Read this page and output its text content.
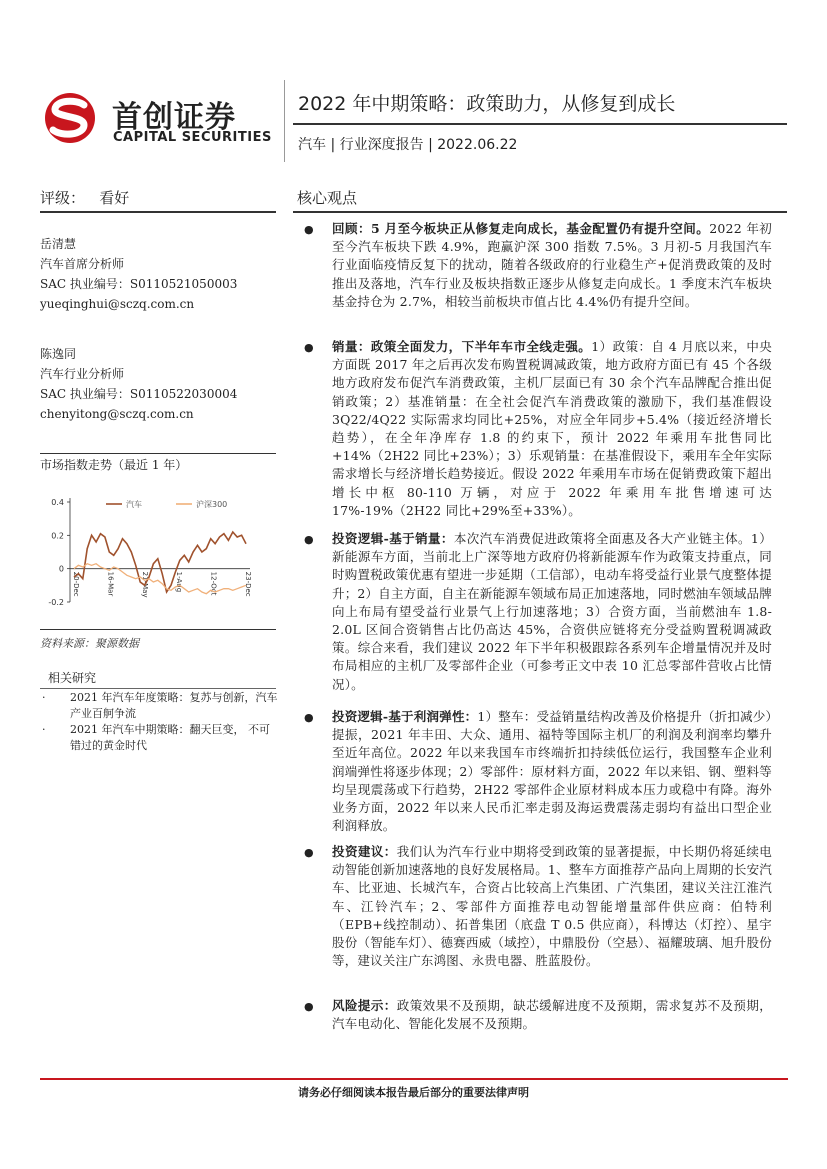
首创证券
CAPITAL SECURITIES
2022 年中期策略：政策助力，从修复到成长
汽车 | 行业深度报告 | 2022.06.22
评级：   看好
岳清慧
汽车首席分析师
SAC 执业编号：S0110521050003
yueqinghui@sczq.com.cn
陈逸同
汽车行业分析师
SAC 执业编号：S0110522030004
chenyitong@sczq.com.cn
市场指数走势（最近 1 年）
0.4
0.2
0
-0.2
20-Dec	16-Mar	21-May	1-Aug	12-Oct	23-Dec
汽车	沪深300
资料来源：聚源数据
相关研究
· 2021 年汽车年度策略：复苏与创新，汽车产业百舸争流
· 2021 年汽车中期策略：翻天巨变， 不可错过的黄金时代
核心观点
● 回顾：5 月至今板块正从修复走向成长，基金配置仍有提升空间。2022 年初至今汽车板块下跌 4.9%，跑赢沪深 300 指数 7.5%。3 月初-5 月我国汽车行业面临疫情反复下的扰动，随着各级政府的行业稳生产+促消费政策的及时推出及落地，汽车行业及板块指数正逐步从修复走向成长。1 季度末汽车板块基金持仓为 2.7%，相较当前板块市值占比 4.4%仍有提升空间。
● 销量：政策全面发力，下半年车市全线走强。1）政策：自 4 月底以来，中央方面既 2017 年之后再次发布购置税调减政策，地方政府方面已有 45 个各级地方政府发布促汽车消费政策，主机厂层面已有 30 余个汽车品牌配合推出促销政策；2）基准销量：在全社会促汽车消费政策的激励下，我们基准假设 3Q22/4Q22 实际需求均同比+25%，对应全年同步+5.4%（接近经济增长趋势），在全年净库存 1.8 的约束下，预计 2022 年乘用车批售同比+14%（2H22 同比+23%）；3）乐观销量：在基准假设下，乘用车全年实际需求增长与经济增长趋势接近。假设 2022 年乘用车市场在促销费政策下超出增长中枢 80-110 万辆，对应于 2022 年乘用车批售增速可达 17%-19%（2H22 同比+29%至+33%）。
● 投资逻辑-基于销量：本次汽车消费促进政策将全面惠及各大产业链主体。1）新能源车方面，当前北上广深等地方政府仍将新能源车作为政策支持重点，同时购置税政策优惠有望进一步延期（工信部），电动车将受益行业景气度整体提升；2）自主方面，自主在新能源车领域布局正加速落地，同时燃油车领域品牌向上布局有望受益行业景气上行加速落地；3）合资方面，当前燃油车 1.8-2.0L 区间合资销售占比仍高达 45%，合资供应链将充分受益购置税调减政策。综合来看，我们建议 2022 年下半年积极跟踪各系列车企增量情况并及时布局相应的主机厂及零部件企业（可参考正文中表 10 汇总零部件营收占比情况）。
● 投资逻辑-基于利润弹性：1）整车：受益销量结构改善及价格提升（折扣减少）提振，2021 年丰田、大众、通用、福特等国际主机厂的利润及利润率均攀升至近年高位。2022 年以来我国车市终端折扣持续低位运行，我国整车企业利润端弹性将逐步体现；2）零部件：原材料方面，2022 年以来铝、钢、塑料等均呈现震荡或下行趋势，2H22 零部件企业原材料成本压力或稳中有降。海外业务方面，2022 年以来人民币汇率走弱及海运费震荡走弱均有益出口型企业利润释放。
● 投资建议：我们认为汽车行业中期将受到政策的显著提振，中长期仍将延续电动智能创新加速落地的良好发展格局。1、整车方面推荐产品向上周期的长安汽车、比亚迪、长城汽车，合资占比较高上汽集团、广汽集团，建议关注江淮汽车、江铃汽车；2、零部件方面推荐电动智能增量部件供应商：伯特利（EPB+线控制动）、拓普集团（底盘 T 0.5 供应商），科博达（灯控）、星宇股份（智能车灯）、德赛西威（域控），中鼎股份（空悬）、福耀玻璃、旭升股份等，建议关注广东鸿图、永贵电器、胜蓝股份。
● 风险提示：政策效果不及预期，缺芯缓解进度不及预期，需求复苏不及预期，汽车电动化、智能化发展不及预期。
请务必仔细阅读本报告最后部分的重要法律声明
